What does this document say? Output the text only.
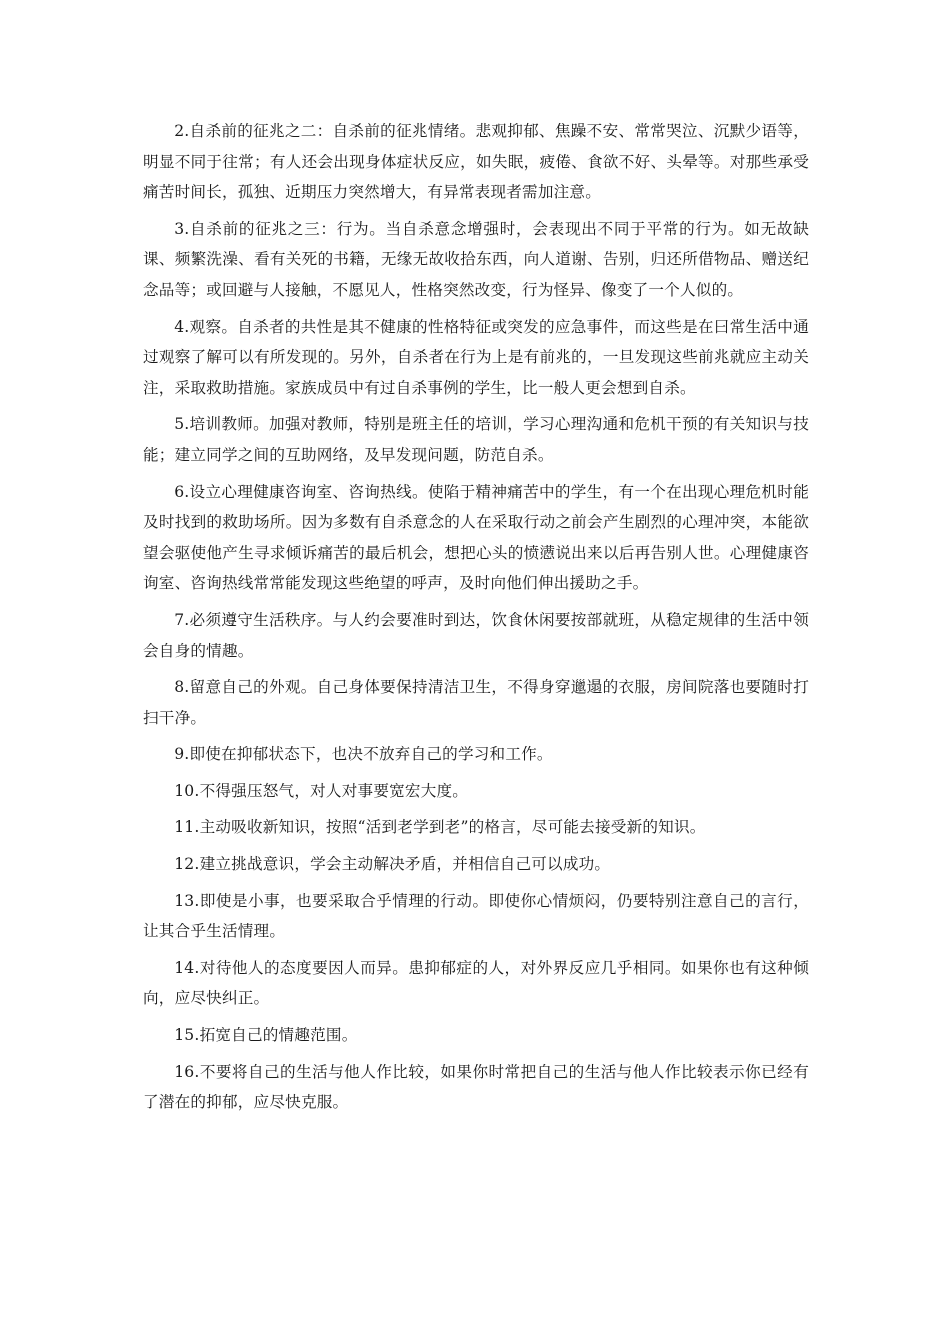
2.自杀前的征兆之二：自杀前的征兆情绪。悲观抑郁、焦躁不安、常常哭泣、沉默少语等，明显不同于往常；有人还会出现身体症状反应，如失眠，疲倦、食欲不好、头晕等。对那些承受痛苦时间长，孤独、近期压力突然增大，有异常表现者需加注意。

3.自杀前的征兆之三：行为。当自杀意念增强时，会表现出不同于平常的行为。如无故缺课、频繁洗澡、看有关死的书籍，无缘无故收拾东西，向人道谢、告别，归还所借物品、赠送纪念品等；或回避与人接触，不愿见人，性格突然改变，行为怪异、像变了一个人似的。

4.观察。自杀者的共性是其不健康的性格特征或突发的应急事件，而这些是在曰常生活中通过观察了解可以有所发现的。另外，自杀者在行为上是有前兆的，一旦发现这些前兆就应主动关注，采取救助措施。家族成员中有过自杀事例的学生，比一般人更会想到自杀。

5.培训教师。加强对教师，特别是班主任的培训，学习心理沟通和危机干预的有关知识与技能；建立同学之间的互助网络，及早发现问题，防范自杀。

6.设立心理健康咨询室、咨询热线。使陷于精神痛苦中的学生，有一个在出现心理危机时能及时找到的救助场所。因为多数有自杀意念的人在采取行动之前会产生剧烈的心理冲突，本能欲望会驱使他产生寻求倾诉痛苦的最后机会，想把心头的愤懑说出来以后再告别人世。心理健康咨询室、咨询热线常常能发现这些绝望的呼声，及时向他们伸出援助之手。

7.必须遵守生活秩序。与人约会要准时到达，饮食休闲要按部就班，从稳定规律的生活中领会自身的情趣。

8.留意自己的外观。自己身体要保持清洁卫生，不得身穿邋遢的衣服，房间院落也要随时打扫干净。

9.即使在抑郁状态下，也决不放弃自己的学习和工作。

10.不得强压怒气，对人对事要宽宏大度。

11.主动吸收新知识，按照“活到老学到老”的格言，尽可能去接受新的知识。

12.建立挑战意识，学会主动解决矛盾，并相信自己可以成功。

13.即使是小事，也要采取合乎情理的行动。即使你心情烦闷，仍要特别注意自己的言行，让其合乎生活情理。

14.对待他人的态度要因人而异。患抑郁症的人，对外界反应几乎相同。如果你也有这种倾向，应尽快纠正。

15.拓宽自己的情趣范围。

16.不要将自己的生活与他人作比较，如果你时常把自己的生活与他人作比较表示你已经有了潜在的抑郁，应尽快克服。
